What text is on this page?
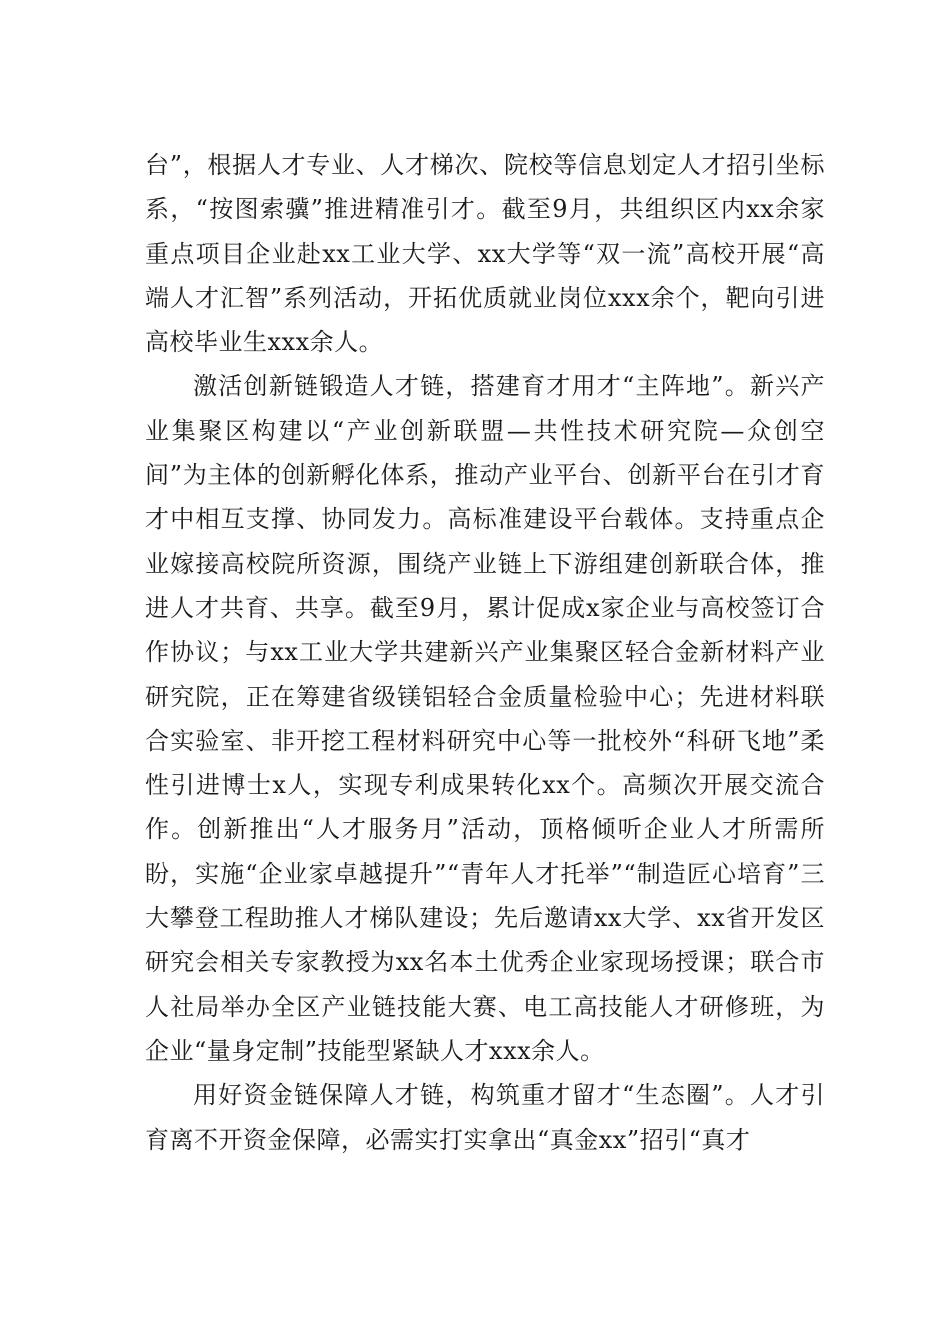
台”，根据人才专业、人才梯次、院校等信息划定人才招引坐标系，“按图索骥”推进精准引才。截至9月，共组织区内xx余家重点项目企业赴xx工业大学、xx大学等“双一流”高校开展“高端人才汇智”系列活动，开拓优质就业岗位xxx余个，靶向引进高校毕业生xxx余人。

激活创新链锻造人才链，搭建育才用才“主阵地”。新兴产业集聚区构建以“产业创新联盟—共性技术研究院—众创空间”为主体的创新孵化体系，推动产业平台、创新平台在引才育才中相互支撑、协同发力。高标准建设平台载体。支持重点企业嫁接高校院所资源，围绕产业链上下游组建创新联合体，推进人才共育、共享。截至9月，累计促成x家企业与高校签订合作协议；与xx工业大学共建新兴产业集聚区轻合金新材料产业研究院，正在筹建省级镁铝轻合金质量检验中心；先进材料联合实验室、非开挖工程材料研究中心等一批校外“科研飞地”柔性引进博士x人，实现专利成果转化xx个。高频次开展交流合作。创新推出“人才服务月”活动，顶格倾听企业人才所需所盼，实施“企业家卓越提升”“青年人才托举”“制造匠心培育”三大攀登工程助推人才梯队建设；先后邀请xx大学、xx省开发区研究会相关专家教授为xx名本土优秀企业家现场授课；联合市人社局举办全区产业链技能大赛、电工高技能人才研修班，为企业“量身定制”技能型紧缺人才xxx余人。

用好资金链保障人才链，构筑重才留才“生态圈”。人才引育离不开资金保障，必需实打实拿出“真金xx”招引“真才
